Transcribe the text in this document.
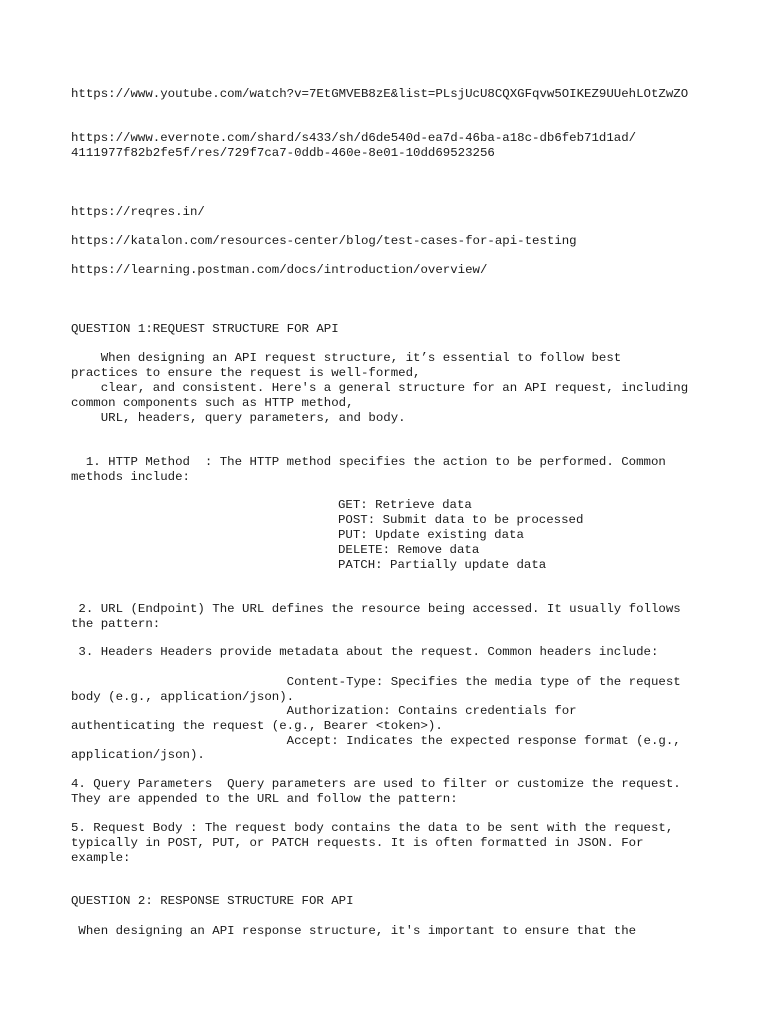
https://www.youtube.com/watch?v=7EtGMVEB8zE&list=PLsjUcU8CQXGFqvw5OIKEZ9UUehLOtZwZO
https://www.evernote.com/shard/s433/sh/d6de540d-ea7d-46ba-a18c-db6feb71d1ad/
4111977f82b2fe5f/res/729f7ca7-0ddb-460e-8e01-10dd69523256
https://reqres.in/
https://katalon.com/resources-center/blog/test-cases-for-api-testing
https://learning.postman.com/docs/introduction/overview/
QUESTION 1:REQUEST STRUCTURE FOR API
When designing an API request structure, it’s essential to follow best
practices to ensure the request is well-formed,
clear, and consistent. Here's a general structure for an API request, including
common components such as HTTP method,
URL, headers, query parameters, and body.
1. HTTP Method  : The HTTP method specifies the action to be performed. Common
methods include:
GET: Retrieve data
POST: Submit data to be processed
PUT: Update existing data
DELETE: Remove data
PATCH: Partially update data
2. URL (Endpoint) The URL defines the resource being accessed. It usually follows
the pattern:
3. Headers Headers provide metadata about the request. Common headers include:
Content-Type: Specifies the media type of the request
body (e.g., application/json).
Authorization: Contains credentials for
authenticating the request (e.g., Bearer <token>).
Accept: Indicates the expected response format (e.g.,
application/json).
4. Query Parameters  Query parameters are used to filter or customize the request.
They are appended to the URL and follow the pattern:
5. Request Body : The request body contains the data to be sent with the request,
typically in POST, PUT, or PATCH requests. It is often formatted in JSON. For
example:
QUESTION 2: RESPONSE STRUCTURE FOR API
When designing an API response structure, it's important to ensure that the
